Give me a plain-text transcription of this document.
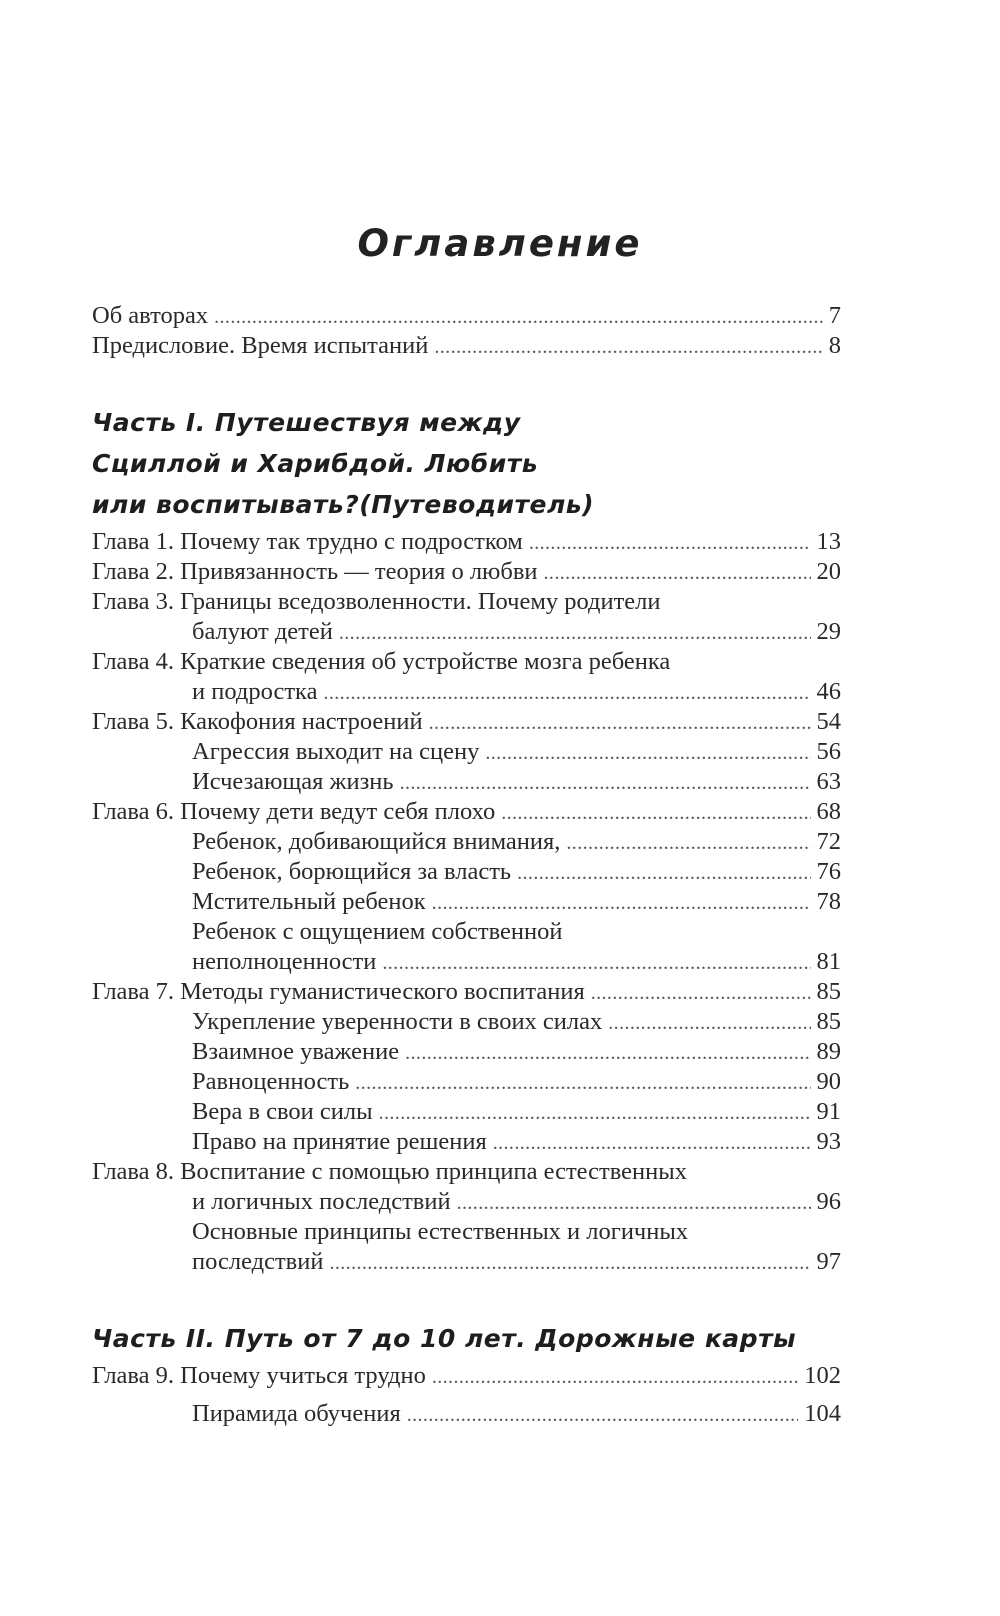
Оглавление
Об авторах . . .	7
Предисловие. Время испытаний . . .	8
Часть I. Путешествуя между
Сциллой и Харибдой. Любить
или воспитывать?(Путеводитель)
Глава 1. Почему так трудно с подростком . . .	13
Глава 2. Привязанность — теория о любви . . .	20
Глава 3. Границы вседозволенности. Почему родители
балуют детей . . .	29
Глава 4. Краткие сведения об устройстве мозга ребенка
и подростка . . .	46
Глава 5. Какофония настроений . . .	54
Агрессия выходит на сцену . . .	56
Исчезающая жизнь . . .	63
Глава 6. Почему дети ведут себя плохо . . .	68
Ребенок, добивающийся внимания, . . .	72
Ребенок, борющийся за власть . . .	76
Мстительный ребенок . . .	78
Ребенок с ощущением собственной
неполноценности . . .	81
Глава 7. Методы гуманистического воспитания . . .	85
Укрепление уверенности в своих силах . . .	85
Взаимное уважение . . .	89
Равноценность . . .	90
Вера в свои силы . . .	91
Право на принятие решения . . .	93
Глава 8. Воспитание с помощью принципа естественных
и логичных последствий . . .	96
Основные принципы естественных и логичных
последствий . . .	97
Часть II. Путь от 7 до 10 лет. Дорожные карты
Глава 9. Почему учиться трудно . . .	102
Пирамида обучения . . .	104
